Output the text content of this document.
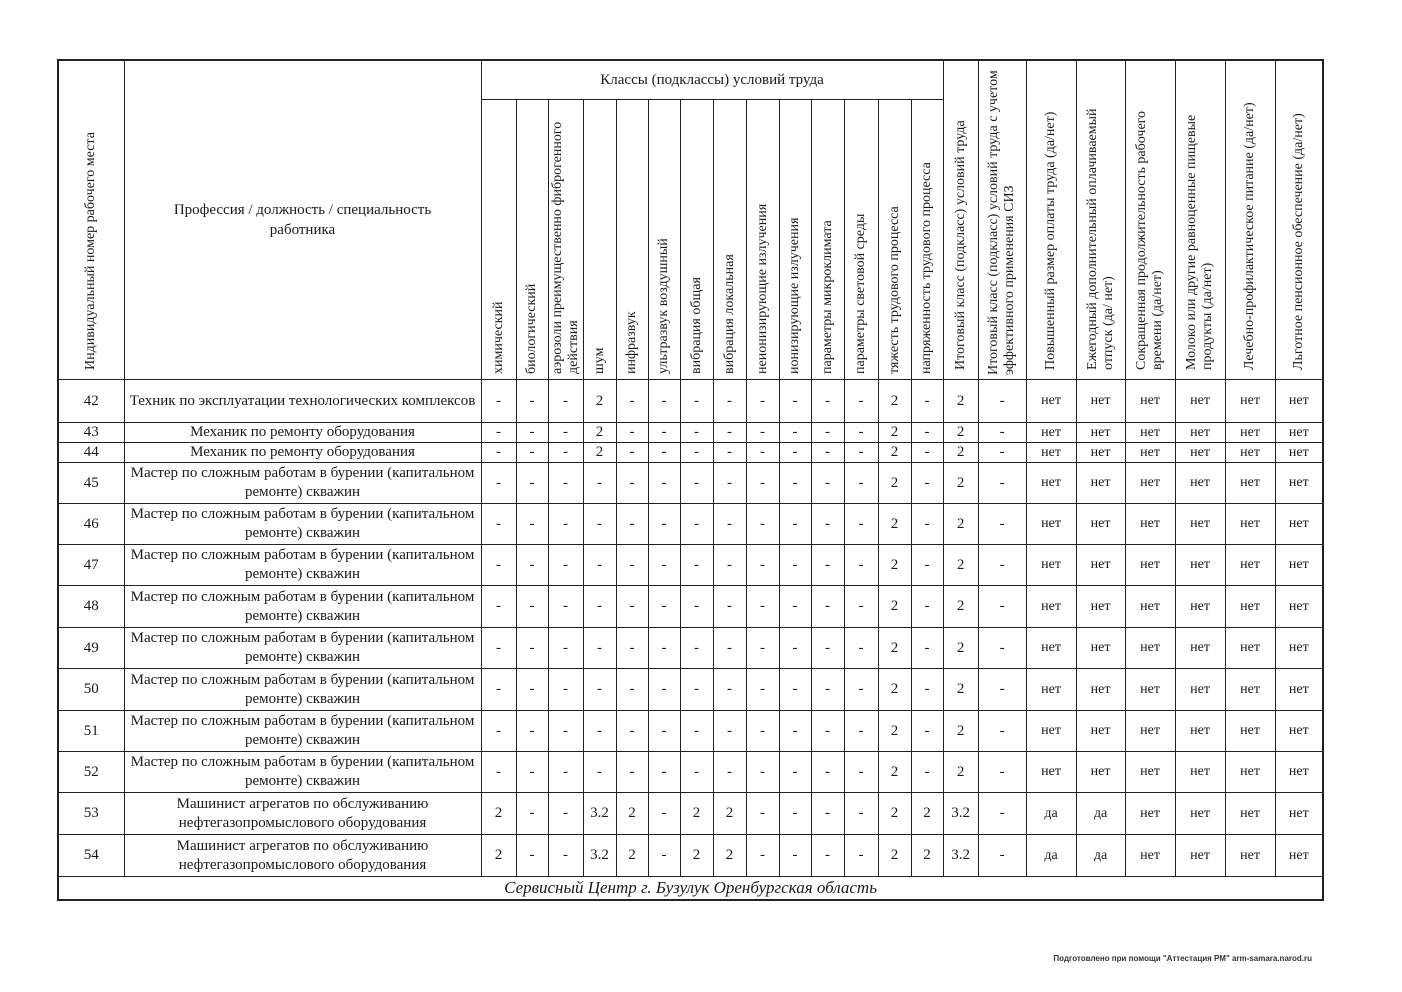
Индивидуальный номер рабочего места	Профессия / должность / специальность работника	Классы (подклассы) условий труда														Итоговый класс (подкласс) условий труда	Итоговый класс (подкласс) условий труда с учетом эффективного применения СИЗ	Повышенный размер оплаты труда (да/нет)	Ежегодный дополнительный оплачиваемый отпуск (да/ нет)	Сокращенная продолжительность рабочего времени (да/нет)	Молоко или другие равноценные пищевые продукты (да/нет)	Лечебно-профилактическое питание (да/нет)	Льготное пенсионное обеспечение (да/нет)

		химический	биологический	аэрозоли преимущественно фиброгенного действия	шум	инфразвук	ультразвук воздушный	вибрация общая	вибрация локальная	неионизирующие излучения	ионизирующие излучения	параметры микроклимата	параметры световой среды	тяжесть трудового процесса	напряженность трудового процесса								

42	Техник по эксплуатации технологических комплексов	-	-	-	2	-	-	-	-	-	-	-	-	2	-	2	-	нет	нет	нет	нет	нет	нет
43	Механик по ремонту оборудования	-	-	-	2	-	-	-	-	-	-	-	-	2	-	2	-	нет	нет	нет	нет	нет	нет
44	Механик по ремонту оборудования	-	-	-	2	-	-	-	-	-	-	-	-	2	-	2	-	нет	нет	нет	нет	нет	нет
45	Мастер по сложным работам в бурении (капитальном ремонте) скважин	-	-	-	-	-	-	-	-	-	-	-	-	2	-	2	-	нет	нет	нет	нет	нет	нет
46	Мастер по сложным работам в бурении (капитальном ремонте) скважин	-	-	-	-	-	-	-	-	-	-	-	-	2	-	2	-	нет	нет	нет	нет	нет	нет
47	Мастер по сложным работам в бурении (капитальном ремонте) скважин	-	-	-	-	-	-	-	-	-	-	-	-	2	-	2	-	нет	нет	нет	нет	нет	нет
48	Мастер по сложным работам в бурении (капитальном ремонте) скважин	-	-	-	-	-	-	-	-	-	-	-	-	2	-	2	-	нет	нет	нет	нет	нет	нет
49	Мастер по сложным работам в бурении (капитальном ремонте) скважин	-	-	-	-	-	-	-	-	-	-	-	-	2	-	2	-	нет	нет	нет	нет	нет	нет
50	Мастер по сложным работам в бурении (капитальном ремонте) скважин	-	-	-	-	-	-	-	-	-	-	-	-	2	-	2	-	нет	нет	нет	нет	нет	нет
51	Мастер по сложным работам в бурении (капитальном ремонте) скважин	-	-	-	-	-	-	-	-	-	-	-	-	2	-	2	-	нет	нет	нет	нет	нет	нет
52	Мастер по сложным работам в бурении (капитальном ремонте) скважин	-	-	-	-	-	-	-	-	-	-	-	-	2	-	2	-	нет	нет	нет	нет	нет	нет
53	Машинист агрегатов по обслуживанию нефтегазопромыслового оборудования	2	-	-	3.2	2	-	2	2	-	-	-	-	2	2	3.2	-	да	да	нет	нет	нет	нет
54	Машинист агрегатов по обслуживанию нефтегазопромыслового оборудования	2	-	-	3.2	2	-	2	2	-	-	-	-	2	2	3.2	-	да	да	нет	нет	нет	нет
Сервисный Центр г. Бузулук Оренбургская область																							
Подготовлено при помощи "Аттестация РМ" arm-samara.narod.ru
